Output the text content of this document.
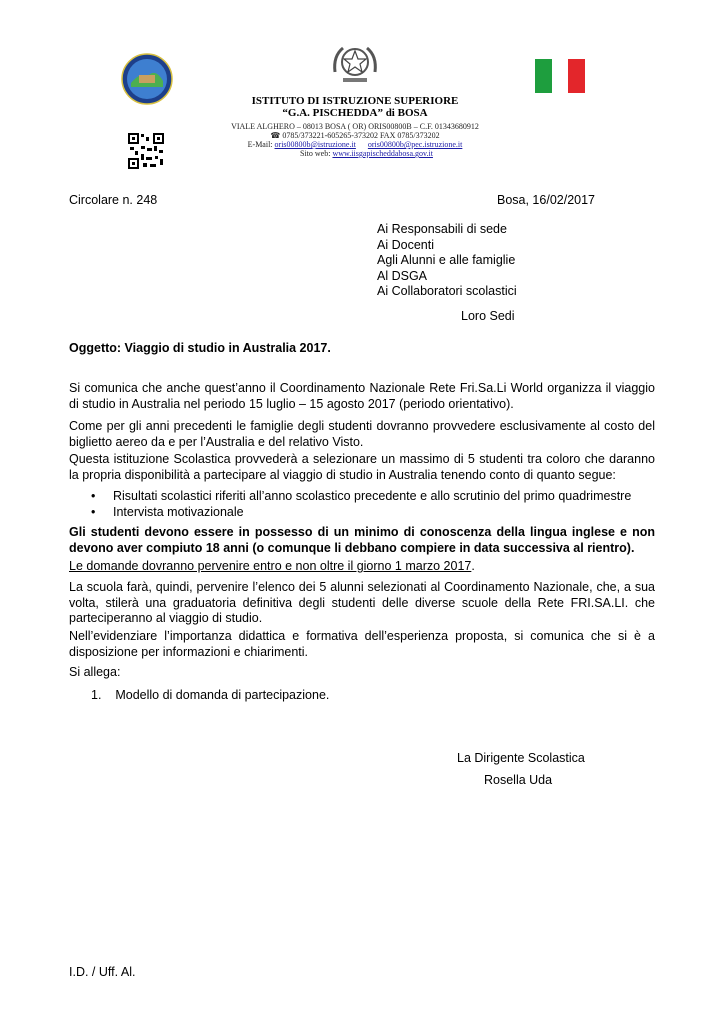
ISTITUTO DI ISTRUZIONE SUPERIORE
“G.A. PISCHEDDA” di BOSA
VIALE ALGHERO – 08013 BOSA ( OR) ORIS00800B – C.F. 01343680912
☎ 0785/373221-605265-373202 FAX 0785/373202
E-Mail: oris00800b@istruzione.it oris00800b@pec.istruzione.it
Sito web: www.iisgapischeddabosa.gov.it
Circolare n. 248	Bosa, 16/02/2017
Ai Responsabili di sede
Ai Docenti
Agli Alunni e alle famiglie
Al DSGA
Ai Collaboratori scolastici
Loro Sedi
Oggetto: Viaggio di studio in Australia 2017.
Si comunica che anche quest’anno il Coordinamento Nazionale Rete Fri.Sa.Li World organizza il viaggio di studio in Australia nel periodo 15 luglio – 15 agosto 2017 (periodo orientativo).
Come per gli anni precedenti le famiglie degli studenti dovranno provvedere esclusivamente al costo del biglietto aereo da e per l’Australia e del relativo Visto.
Questa istituzione Scolastica provvederà a selezionare un massimo di 5 studenti tra coloro che daranno la propria disponibilità a partecipare al viaggio di studio in Australia tenendo conto di quanto segue:
• Risultati scolastici riferiti all’anno scolastico precedente e allo scrutinio del primo quadrimestre
• Intervista motivazionale
Gli studenti devono essere in possesso di un minimo di conoscenza della lingua inglese e non devono aver compiuto 18 anni (o comunque li debbano compiere in data successiva al rientro).
Le domande dovranno pervenire entro e non oltre il giorno 1 marzo 2017.
La scuola farà, quindi, pervenire l’elenco dei 5 alunni selezionati al Coordinamento Nazionale, che, a sua volta, stilerà una graduatoria definitiva degli studenti delle diverse scuole della Rete FRI.SA.LI. che parteciperanno al viaggio di studio.
Nell’evidenziare l’importanza didattica e formativa dell’esperienza proposta, si comunica che si è a disposizione per informazioni e chiarimenti.
Si allega:
1. Modello di domanda di partecipazione.
La Dirigente Scolastica
Rosella Uda
I.D. / Uff. Al.
